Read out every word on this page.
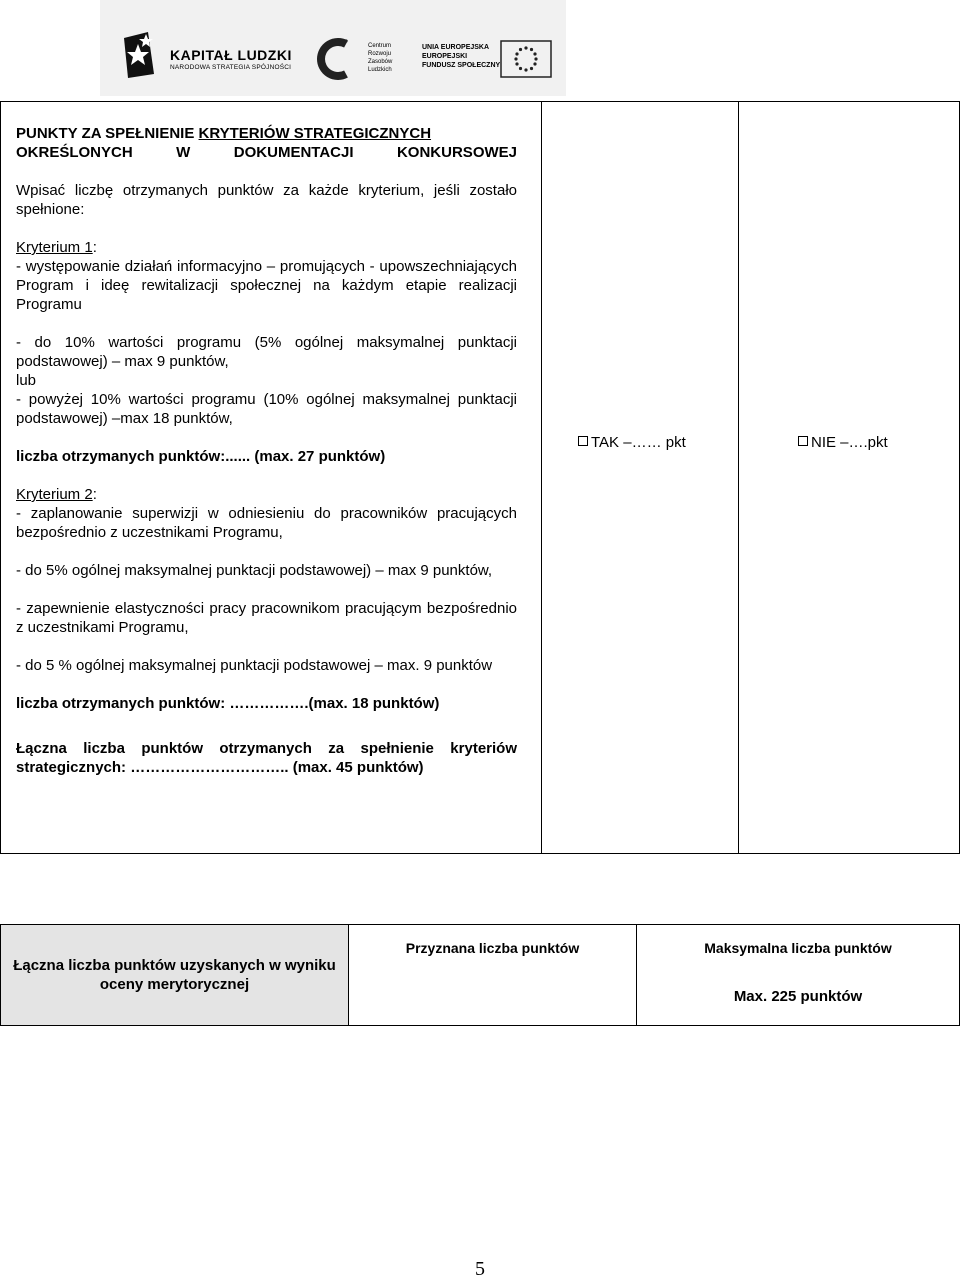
KAPITAŁ LUDZKI
NARODOWA STRATEGIA SPÓJNOŚCI
Centrum
Rozwoju
Zasobów
Ludzkich
UNIA EUROPEJSKA
EUROPEJSKI
FUNDUSZ SPOŁECZNY

PUNKTY ZA SPEŁNIENIE KRYTERIÓW STRATEGICZNYCH

OKREŚLONYCH W DOKUMENTACJI KONKURSOWEJ

Wpisać liczbę otrzymanych punktów za każde kryterium, jeśli zostało spełnione:

Kryterium 1:

- występowanie działań informacyjno – promujących - upowszechniających Program i ideę rewitalizacji społecznej na każdym etapie realizacji Programu

- do 10% wartości programu (5% ogólnej maksymalnej punktacji podstawowej) – max 9 punktów,

lub

- powyżej 10% wartości programu (10% ogólnej maksymalnej punktacji podstawowej) –max 18 punktów,

liczba otrzymanych punktów:...... (max. 27 punktów)

Kryterium 2:

- zaplanowanie superwizji w odniesieniu do pracowników pracujących bezpośrednio z uczestnikami Programu,

- do 5% ogólnej maksymalnej punktacji podstawowej) – max 9 punktów,

- zapewnienie elastyczności pracy pracownikom pracującym bezpośrednio z uczestnikami Programu,

- do 5 % ogólnej maksymalnej punktacji podstawowej – max. 9 punktów

liczba otrzymanych punktów: …………….(max. 18 punktów)

Łączna liczba punktów otrzymanych za spełnienie kryteriów strategicznych: ………………………….. (max. 45 punktów)

TAK –…… pkt	NIE –….pkt
Łączna liczba punktów uzyskanych w wyniku oceny merytorycznej
Przyznana liczba punktów	Maksymalna liczba punktów
Max. 225 punktów
5
